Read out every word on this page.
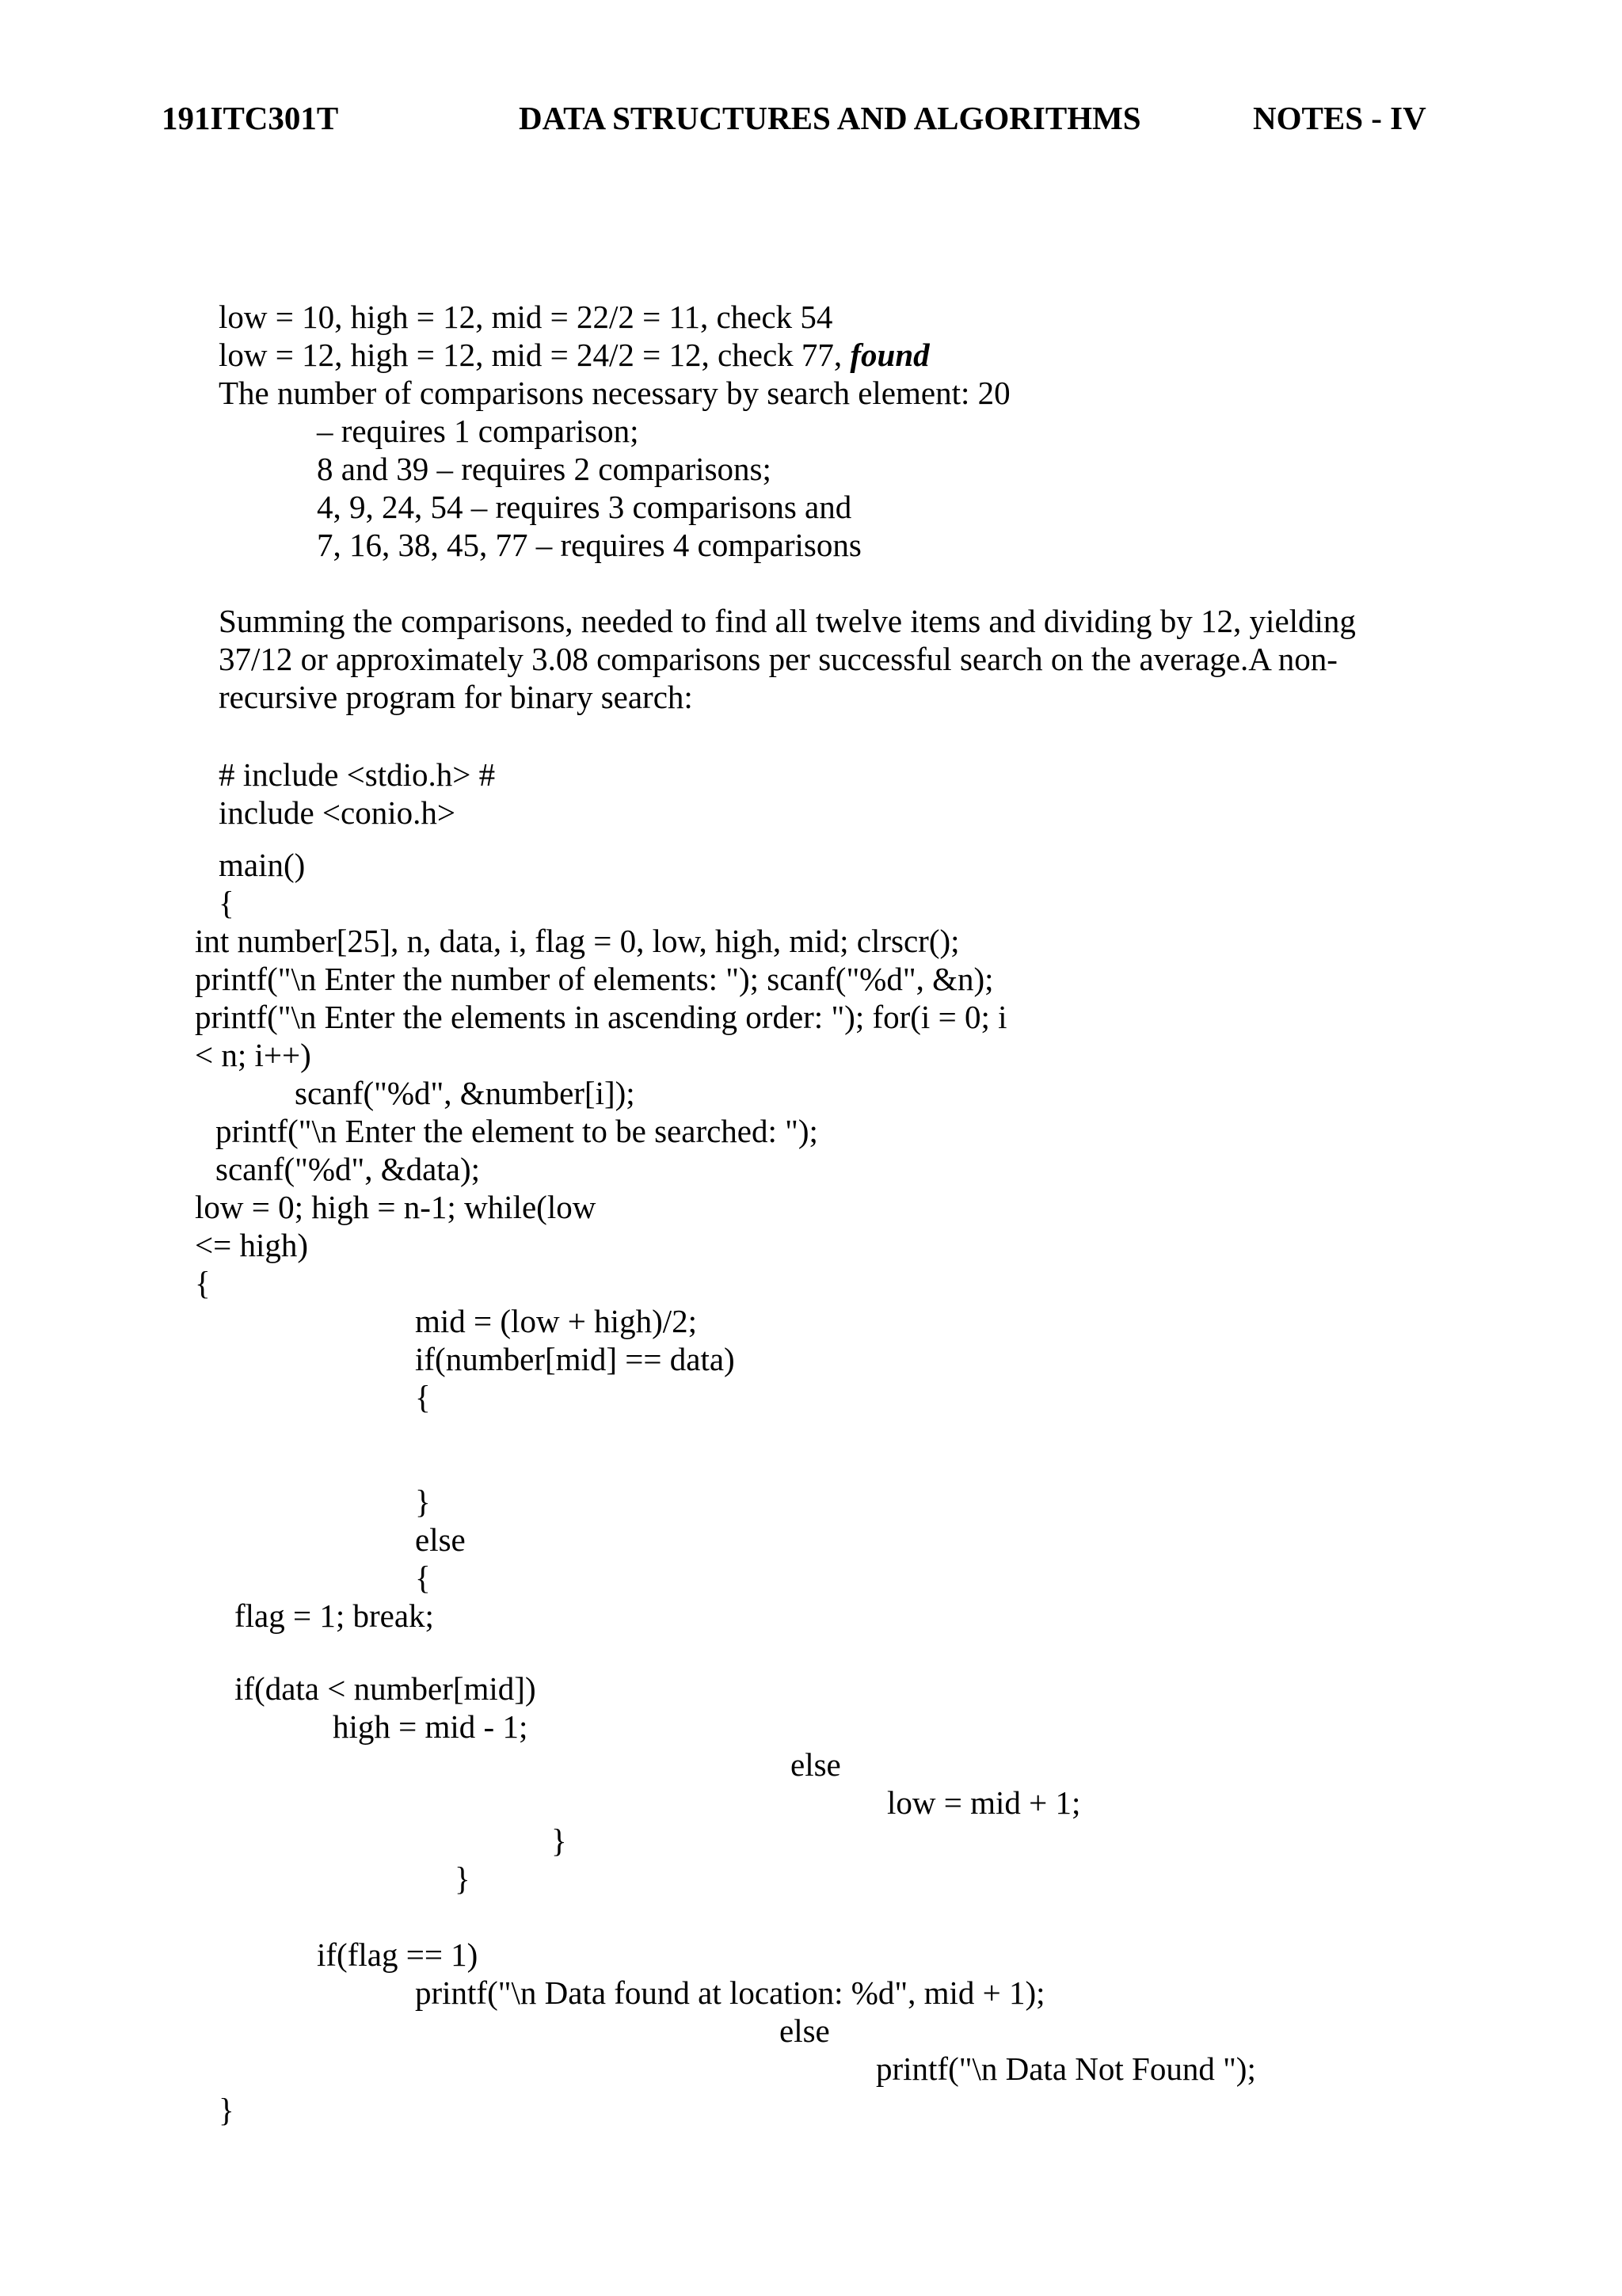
191ITC301T	DATA STRUCTURES AND ALGORITHMS	NOTES - IV
low = 10, high = 12, mid = 22/2 = 11, check 54
low = 12, high = 12, mid = 24/2 = 12, check 77, found
The number of comparisons necessary by search element: 20
– requires 1 comparison;
8 and 39 – requires 2 comparisons;
4, 9, 24, 54 – requires 3 comparisons and
7, 16, 38, 45, 77 – requires 4 comparisons
Summing the comparisons, needed to find all twelve items and dividing by 12, yielding
37/12 or approximately 3.08 comparisons per successful search on the average.A non-
recursive program for binary search:
# include <stdio.h> #
include <conio.h>
main()
{
int number[25], n, data, i, flag = 0, low, high, mid; clrscr();
printf("\n Enter the number of elements: "); scanf("%d", &n);
printf("\n Enter the elements in ascending order: "); for(i = 0; i
< n; i++)
scanf("%d", &number[i]);
printf("\n Enter the element to be searched: ");
scanf("%d", &data);
low = 0; high = n-1; while(low
<= high)
{
mid = (low + high)/2;
if(number[mid] == data)
{
}
else
{
flag = 1; break;
if(data < number[mid])
high = mid - 1;
else
low = mid + 1;
}
}
if(flag == 1)
printf("\n Data found at location: %d", mid + 1);
else
printf("\n Data Not Found ");
}
